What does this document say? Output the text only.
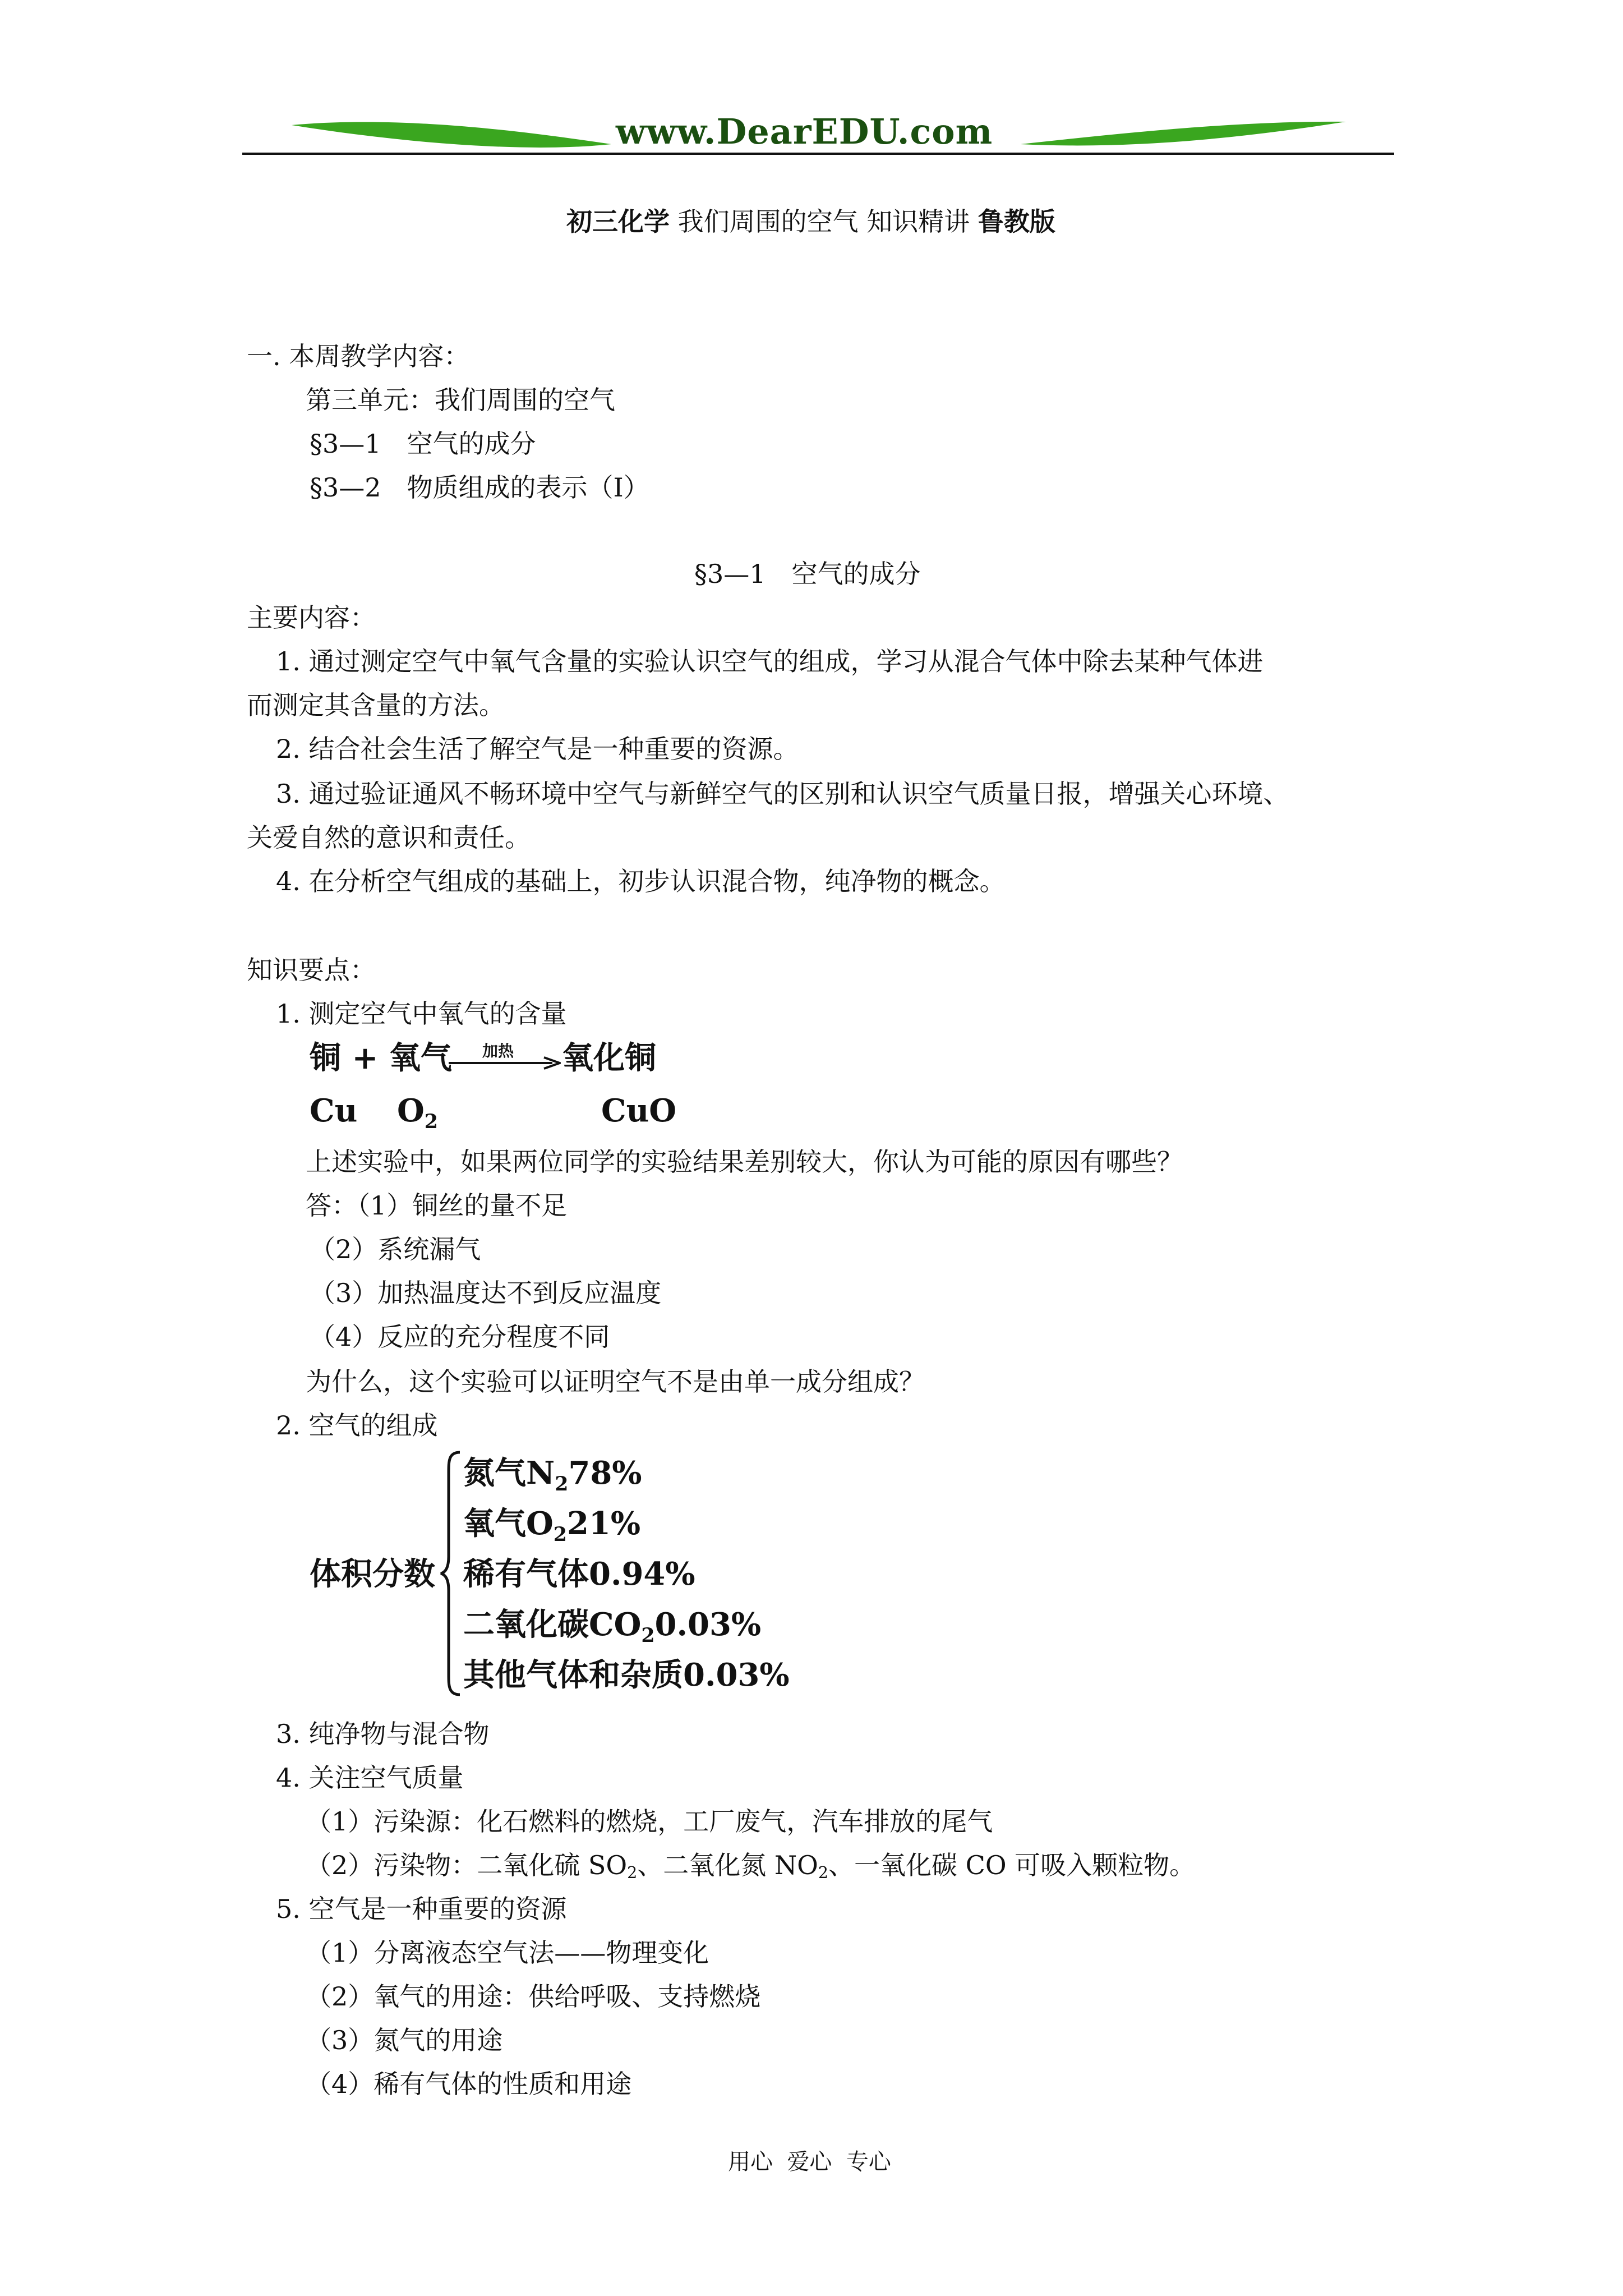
www.DearEDU.com
初三化学 我们周围的空气 知识精讲 鲁教版
一. 本周教学内容：
第三单元：我们周围的空气
§3—1　空气的成分
§3—2　物质组成的表示（I）
§3—1　空气的成分
主要内容：
1. 通过测定空气中氧气含量的实验认识空气的组成，学习从混合气体中除去某种气体进
而测定其含量的方法。
2. 结合社会生活了解空气是一种重要的资源。
3. 通过验证通风不畅环境中空气与新鲜空气的区别和认识空气质量日报，增强关心环境、
关爱自然的意识和责任。
4. 在分析空气组成的基础上，初步认识混合物，纯净物的概念。
知识要点：
1. 测定空气中氧气的含量
铜 + 氧气 加热 氧化铜
Cu $O_2$	CuO
上述实验中，如果两位同学的实验结果差别较大，你认为可能的原因有哪些？
答：（1）铜丝的量不足
（2）系统漏气
（3）加热温度达不到反应温度
（4）反应的充分程度不同
为什么，这个实验可以证明空气不是由单一成分组成？
2. 空气的组成
体积分数
氮气$N_278\%$
氧气$O_221\%$
稀有气体0.94%
二氧化碳$CO_20.03\%$
其他气体和杂质0.03%
3. 纯净物与混合物
4. 关注空气质量
（1）污染源：化石燃料的燃烧，工厂废气，汽车排放的尾气
（2）污染物：二氧化硫 SO2、二氧化氮 NO2、一氧化碳 CO 可吸入颗粒物。
5. 空气是一种重要的资源
（1）分离液态空气法——物理变化
（2）氧气的用途：供给呼吸、支持燃烧
（3）氮气的用途
（4）稀有气体的性质和用途
用心  爱心  专心
